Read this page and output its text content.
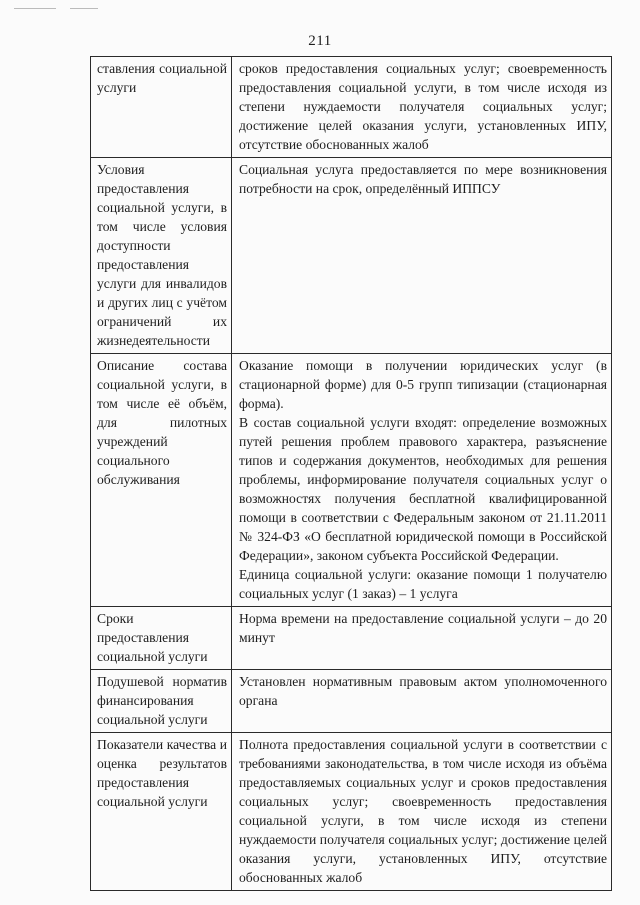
211
ставления социальной услуги	сроков предоставления социальных услуг; своевременность предоставления социальной услуги, в том числе исходя из степени нуждаемости получателя социальных услуг; достижение целей оказания услуги, установленных ИПУ, отсутствие обоснованных жалоб

Условия предоставления социальной услуги, в том числе условия доступности предоставления услуги для инвалидов и других лиц с учётом ограничений их жизнедеятельности	Социальная услуга предоставляется по мере возникновения потребности на срок, определённый ИППСУ

Описание состава социальной услуги, в том числе её объём, для пилотных учреждений социального обслуживания	Оказание помощи в получении юридических услуг (в стационарной форме) для 0-5 групп типизации (стационарная форма).

В состав социальной услуги входят: определение возможных путей решения проблем правового характера, разъяснение типов и содержания документов, необходимых для решения проблемы, информирование получателя социальных услуг о возможностях получения бесплатной квалифицированной помощи в соответствии с Федеральным законом от 21.11.2011 № 324-ФЗ «О бесплатной юридической помощи в Российской Федерации», законом субъекта Российской Федерации.

Единица социальной услуги: оказание помощи 1 получателю социальных услуг (1 заказ) – 1 услуга

Сроки предоставления социальной услуги	Норма времени на предоставление социальной услуги – до 20 минут

Подушевой норматив финансирования социальной услуги	Установлен нормативным правовым актом уполномоченного органа

Показатели качества и оценка результатов предоставления социальной услуги	Полнота предоставления социальной услуги в соответствии с требованиями законодательства, в том числе исходя из объёма предоставляемых социальных услуг и сроков предоставления социальных услуг; своевременность предоставления социальной услуги, в том числе исходя из степени нуждаемости получателя социальных услуг; достижение целей оказания услуги, установленных ИПУ, отсутствие обоснованных жалоб
